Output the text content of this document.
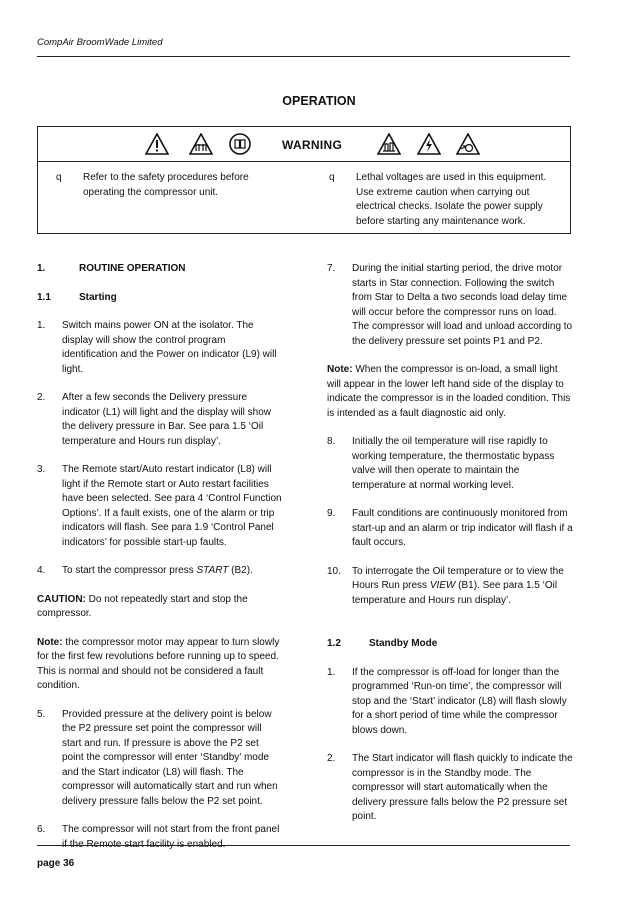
CompAir BroomWade Limited
OPERATION
WARNING
q Refer to the safety procedures before operating the compressor unit.
q Lethal voltages are used in this equipment. Use extreme caution when carrying out electrical checks. Isolate the power supply before starting any maintenance work.
1.	ROUTINE OPERATION
1.1	Starting
1. Switch mains power ON at the isolator. The display will show the control program identification and the Power on indicator (L9) will light.
2. After a few seconds the Delivery pressure indicator (L1) will light and the display will show the delivery pressure in Bar. See para 1.5 ‘Oil temperature and Hours run display’.
3. The Remote start/Auto restart indicator (L8) will light if the Remote start or Auto restart facilities have been selected. See para 4 ‘Control Function Options’. If a fault exists, one of the alarm or trip indicators will flash. See para 1.9 ‘Control Panel indicators’ for possible start-up faults.
4. To start the compressor press START (B2).
CAUTION: Do not repeatedly start and stop the compressor.
Note: the compressor motor may appear to turn slowly for the first few revolutions before running up to speed. This is normal and should not be considered a fault condition.
5. Provided pressure at the delivery point is below the P2 pressure set point the compressor will start and run. If pressure is above the P2 set point the compressor will enter ‘Standby’ mode and the Start indicator (L8) will flash. The compressor will automatically start and run when delivery pressure falls below the P2 set point.
6. The compressor will not start from the front panel if the Remote start facility is enabled.
7. During the initial starting period, the drive motor starts in Star connection. Following the switch from Star to Delta a two seconds load delay time will occur before the compressor runs on load. The compressor will load and unload according to the delivery pressure set points P1 and P2.
Note: When the compressor is on-load, a small light will appear in the lower left hand side of the display to indicate the compressor is in the loaded condition. This is intended as a fault diagnostic aid only.
8. Initially the oil temperature will rise rapidly to working temperature, the thermostatic bypass valve will then operate to maintain the temperature at normal working level.
9. Fault conditions are continuously monitored from start-up and an alarm or trip indicator will flash if a fault occurs.
10. To interrogate the Oil temperature or to view the Hours Run press VIEW (B1). See para 1.5 ‘Oil temperature and Hours run display’.
1.2	Standby Mode
1. If the compressor is off-load for longer than the programmed ‘Run-on time’, the compressor will stop and the ‘Start’ indicator (L8) will flash slowly for a short period of time while the compressor blows down.
2. The Start indicator will flash quickly to indicate the compressor is in the Standby mode. The compressor will start automatically when the delivery pressure falls below the P2 pressure set point.
page 36
